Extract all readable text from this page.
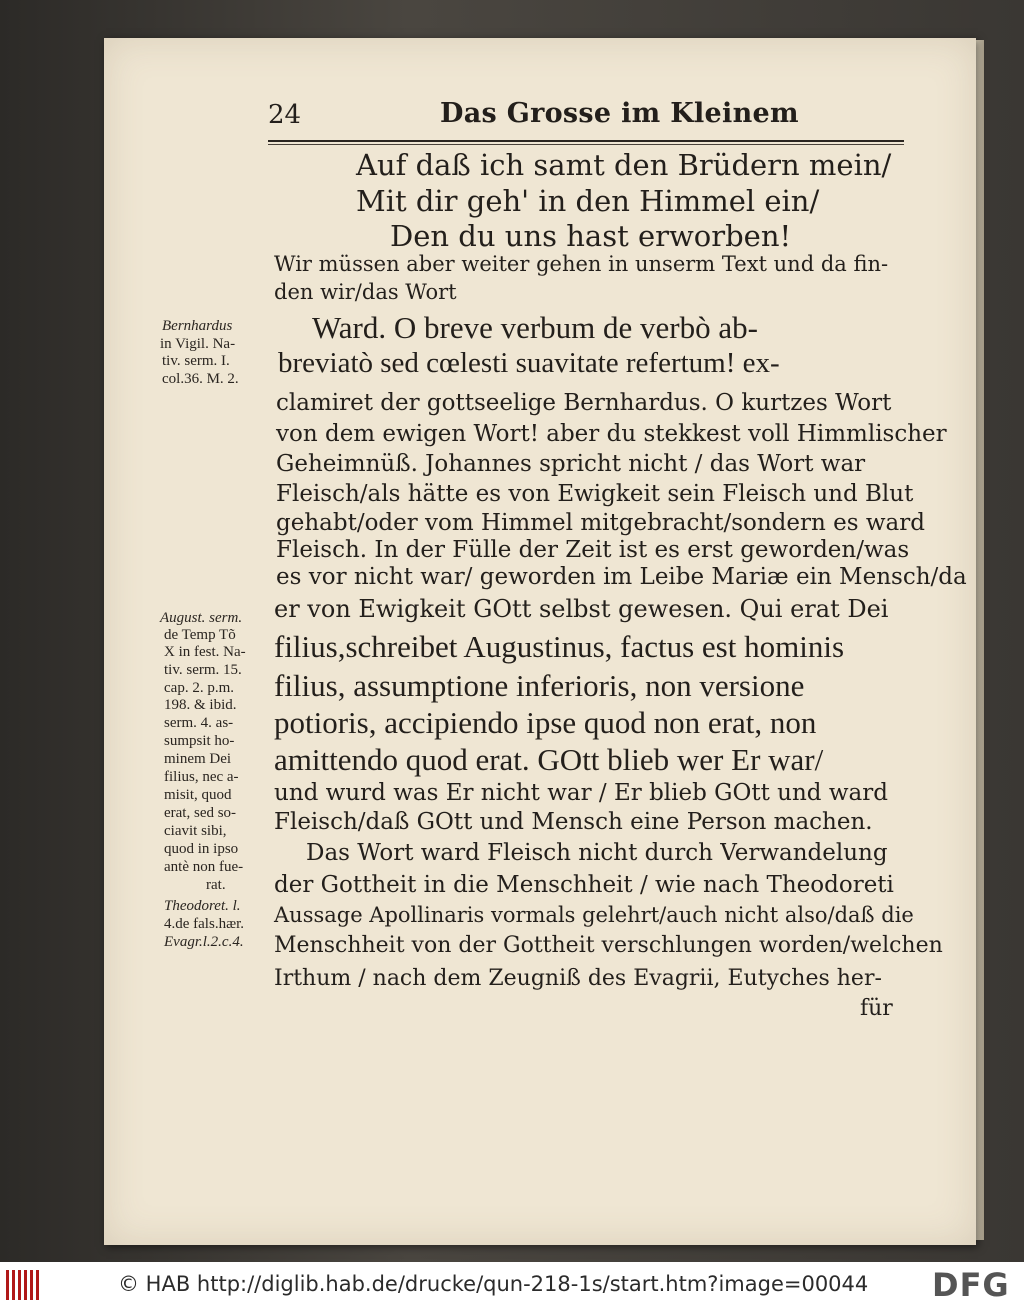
24	Das Grosse im Kleinem
Auf daß ich samt den Brüdern mein/
Mit dir geh' in den Himmel ein/
Den du uns hast erworben!
Wir müssen aber weiter gehen in unserm Text und da fin-
den wir/das Wort
Ward. O breve verbum de verbò ab-
breviatò sed cœlesti suavitate refertum! ex-
clamiret der gottseelige Bernhardus. O kurtzes Wort
von dem ewigen Wort! aber du stekkest voll Himmlischer
Geheimnüß. Johannes spricht nicht / das Wort war
Fleisch/als hätte es von Ewigkeit sein Fleisch und Blut
gehabt/oder vom Himmel mitgebracht/sondern es ward
Fleisch. In der Fülle der Zeit ist es erst geworden/was
es vor nicht war/ geworden im Leibe Mariæ ein Mensch/da
er von Ewigkeit GOtt selbst gewesen. Qui erat Dei
filius,schreibet Augustinus, factus est hominis
filius, assumptione inferioris, non versione
potioris, accipiendo ipse quod non erat, non
amittendo quod erat. GOtt blieb wer Er war/
und wurd was Er nicht war / Er blieb GOtt und ward
Fleisch/daß GOtt und Mensch eine Person machen.
Das Wort ward Fleisch nicht durch Verwandelung
der Gottheit in die Menschheit / wie nach Theodoreti
Aussage Apollinaris vormals gelehrt/auch nicht also/daß die
Menschheit von der Gottheit verschlungen worden/welchen
Irthum / nach dem Zeugniß des Evagrii, Eutyches her-
für
Bernhardus
in Vigil. Na-
tiv. serm. I.
col.36. M. 2.
August. serm.
de Temp Tõ
X in fest. Na-
tiv. serm. 15.
cap. 2. p.m.
198. & ibid.
serm. 4. as-
sumpsit ho-
minem Dei
filius, nec a-
misit, quod
erat, sed so-
ciavit sibi,
quod in ipso
antè non fue-
rat.
Theodoret. l.
4.de fals.hær.
Evagr.l.2.c.4.
© HAB http://diglib.hab.de/drucke/qun-218-1s/start.htm?image=00044 DFG
